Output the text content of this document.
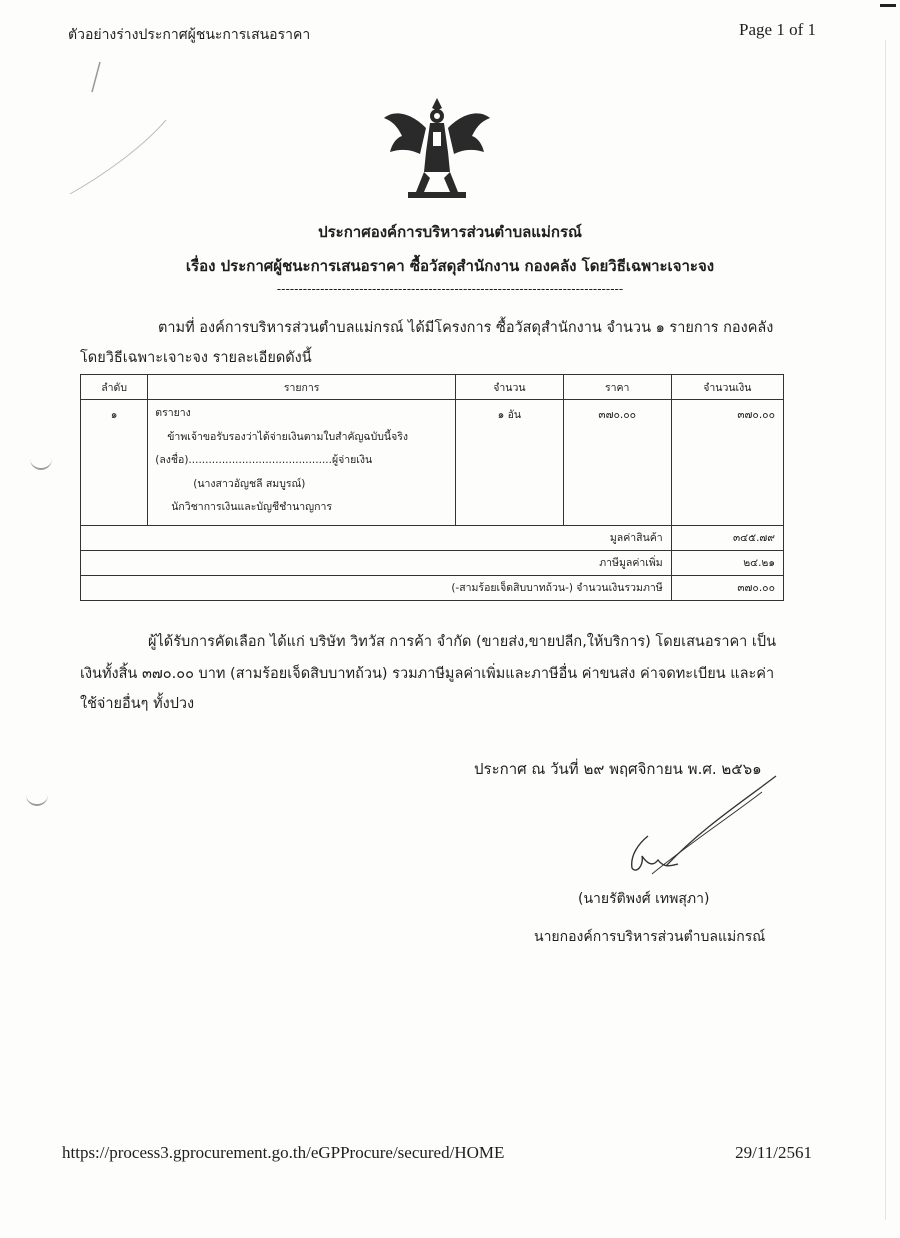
ตัวอย่างร่างประกาศผู้ชนะการเสนอราคา	Page 1 of 1
ประกาศองค์การบริหารส่วนตำบลแม่กรณ์
เรื่อง ประกาศผู้ชนะการเสนอราคา ซื้อวัสดุสำนักงาน กองคลัง โดยวิธีเฉพาะเจาะจง
--------------------------------------------------------------------------------
ตามที่ องค์การบริหารส่วนตำบลแม่กรณ์ ได้มีโครงการ ซื้อวัสดุสำนักงาน จำนวน ๑ รายการ กองคลัง
โดยวิธีเฉพาะเจาะจง รายละเอียดดังนี้
ลำดับ	รายการ	จำนวน	ราคา	จำนวนเงิน
๑	ตรายาง
ข้าพเจ้าขอรับรองว่าได้จ่ายเงินตามใบสำคัญฉบับนี้จริง
(ลงชื่อ)...........................................ผู้จ่ายเงิน
(นางสาวอัญชลี สมบูรณ์)
นักวิชาการเงินและบัญชีชำนาญการ	๑ อัน	๓๗๐.๐๐	๓๗๐.๐๐
มูลค่าสินค้า				๓๔๕.๗๙
ภาษีมูลค่าเพิ่ม				๒๔.๒๑
(-สามร้อยเจ็ดสิบบาทถ้วน-) จำนวนเงินรวมภาษี				๓๗๐.๐๐
ผู้ได้รับการคัดเลือก ได้แก่ บริษัท วิทวัส การค้า จำกัด (ขายส่ง,ขายปลีก,ให้บริการ) โดยเสนอราคา เป็น
เงินทั้งสิ้น ๓๗๐.๐๐ บาท (สามร้อยเจ็ดสิบบาทถ้วน) รวมภาษีมูลค่าเพิ่มและภาษีอื่น ค่าขนส่ง ค่าจดทะเบียน และค่า
ใช้จ่ายอื่นๆ ทั้งปวง
ประกาศ ณ วันที่ ๒๙ พฤศจิกายน พ.ศ. ๒๕๖๑
(นายรัติพงศ์ เทพสุภา)
นายกองค์การบริหารส่วนตำบลแม่กรณ์
https://process3.gprocurement.go.th/eGPProcure/secured/HOME	29/11/2561
